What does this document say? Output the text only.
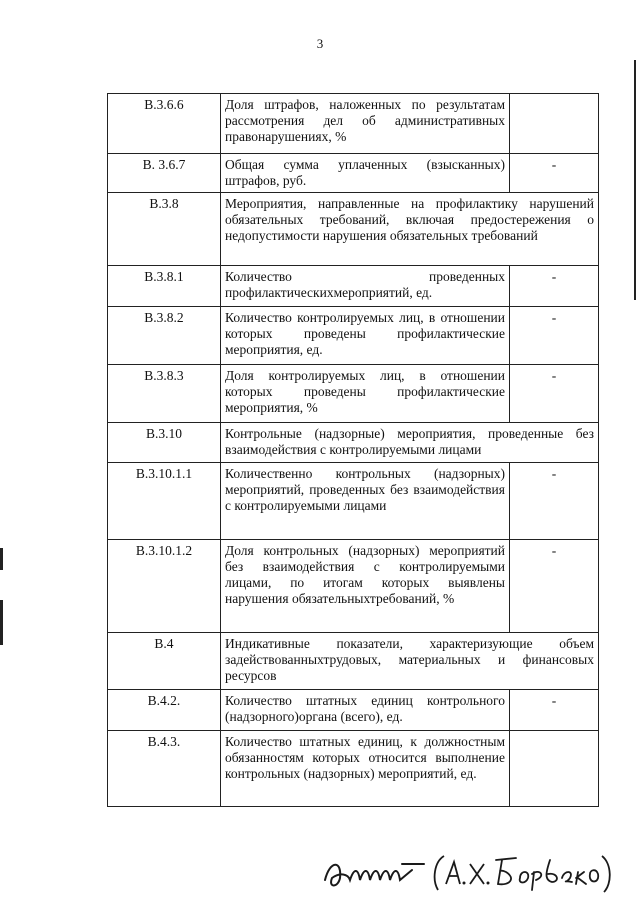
3
В.3.6.6	Доля штрафов, наложенных по результатам рассмотрения дел об административных правонарушениях, %	
В. 3.6.7	Общая сумма уплаченных (взысканных) штрафов, руб.	-
В.3.8	Мероприятия, направленные на профилактику нарушений обязательных требований, включая предостережения о недопустимости нарушения обязательных требований	
В.3.8.1	Количество проведенных профилактическихмероприятий, ед.	-
В.3.8.2	Количество контролируемых лиц, в отношении которых проведены профилактические мероприятия, ед.	-
В.3.8.3	Доля контролируемых лиц, в отношении которых проведены профилактические мероприятия, %	-
В.3.10	Контрольные (надзорные) мероприятия, проведенные без взаимодействия с контролируемыми лицами	
В.3.10.1.1	Количественно контрольных (надзорных) мероприятий, проведенных без взаимодействия с контролируемыми лицами	-
В.3.10.1.2	Доля контрольных (надзорных) мероприятий без взаимодействия с контролируемыми лицами, по итогам которых выявлены нарушения обязательныхтребований, %	-
В.4	Индикативные показатели, характеризующие объем задействованныхтрудовых, материальных и финансовых ресурсов	
В.4.2.	Количество штатных единиц контрольного (надзорного)органа (всего), ед.	-
В.4.3.	Количество штатных единиц, к должностным обязанностям которых относится выполнение контрольных (надзорных) мероприятий, ед.	
